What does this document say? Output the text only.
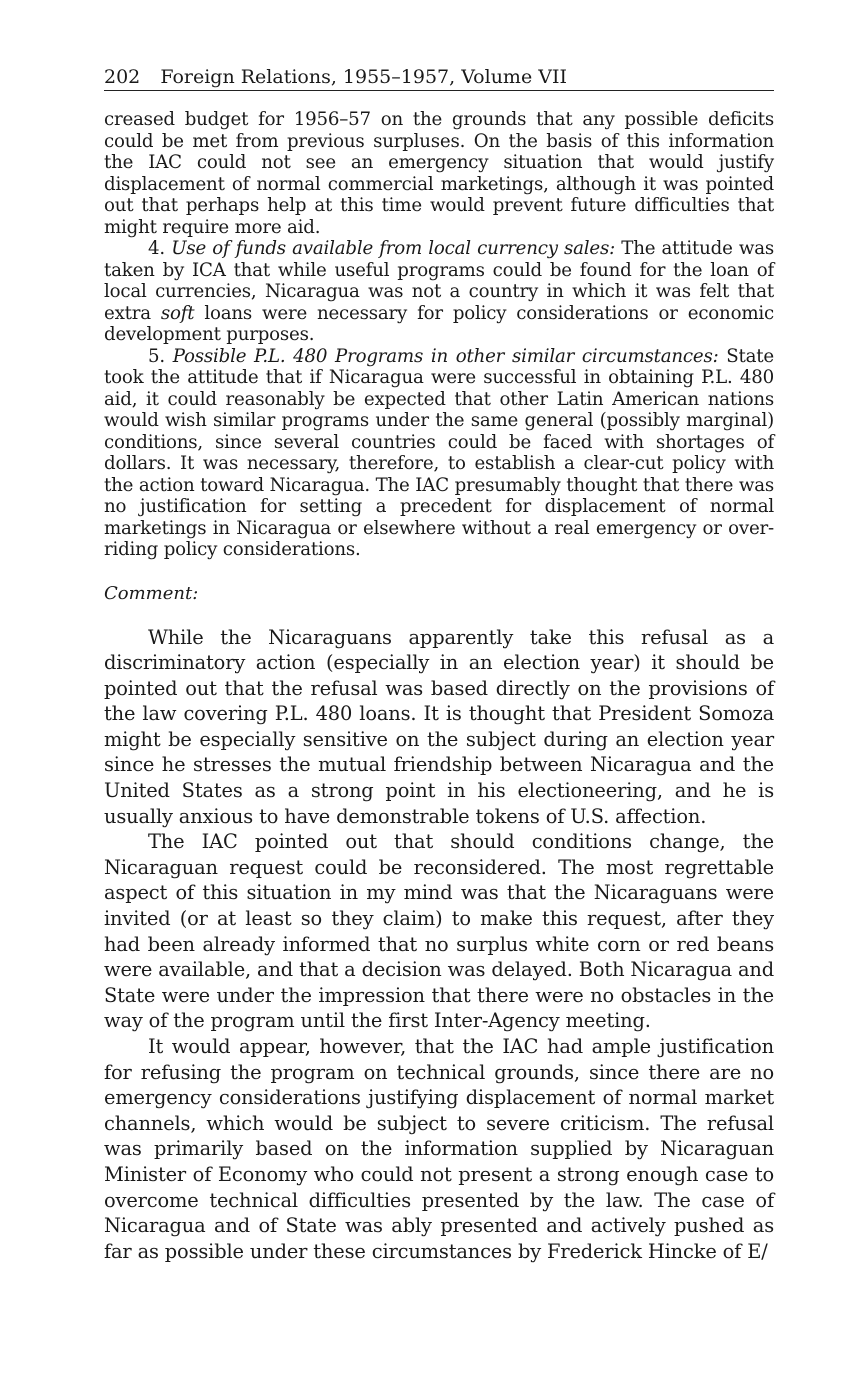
202 Foreign Relations, 1955–1957, Volume VII

creased budget for 1956–57 on the grounds that any possible deficits could be met from previous surpluses. On the basis of this information the IAC could not see an emergency situation that would justify displacement of normal commercial marketings, although it was pointed out that perhaps help at this time would prevent future difficulties that might require more aid.

4. Use of funds available from local currency sales: The attitude was taken by ICA that while useful programs could be found for the loan of local currencies, Nicaragua was not a country in which it was felt that extra soft loans were necessary for policy considerations or economic development purposes.

5. Possible P.L. 480 Programs in other similar circumstances: State took the attitude that if Nicaragua were successful in obtaining P.L. 480 aid, it could reasonably be expected that other Latin American nations would wish similar programs under the same general (possibly marginal) conditions, since several countries could be faced with shortages of dollars. It was necessary, therefore, to establish a clear-cut policy with the action toward Nicaragua. The IAC presumably thought that there was no justification for setting a precedent for displacement of normal marketings in Nicaragua or elsewhere without a real emergency or over-riding policy considerations.

Comment:

While the Nicaraguans apparently take this refusal as a discriminatory action (especially in an election year) it should be pointed out that the refusal was based directly on the provisions of the law covering P.L. 480 loans. It is thought that President Somoza might be especially sensitive on the subject during an election year since he stresses the mutual friendship between Nicaragua and the United States as a strong point in his electioneering, and he is usually anxious to have demonstrable tokens of U.S. affection.

The IAC pointed out that should conditions change, the Nicaraguan request could be reconsidered. The most regrettable aspect of this situation in my mind was that the Nicaraguans were invited (or at least so they claim) to make this request, after they had been already informed that no surplus white corn or red beans were available, and that a decision was delayed. Both Nicaragua and State were under the impression that there were no obstacles in the way of the program until the first Inter-Agency meeting.

It would appear, however, that the IAC had ample justification for refusing the program on technical grounds, since there are no emergency considerations justifying displacement of normal market channels, which would be subject to severe criticism. The refusal was primarily based on the information supplied by Nicaraguan Minister of Economy who could not present a strong enough case to overcome technical difficulties presented by the law. The case of Nicaragua and of State was ably presented and actively pushed as far as possible under these circumstances by Frederick Hincke of E/
